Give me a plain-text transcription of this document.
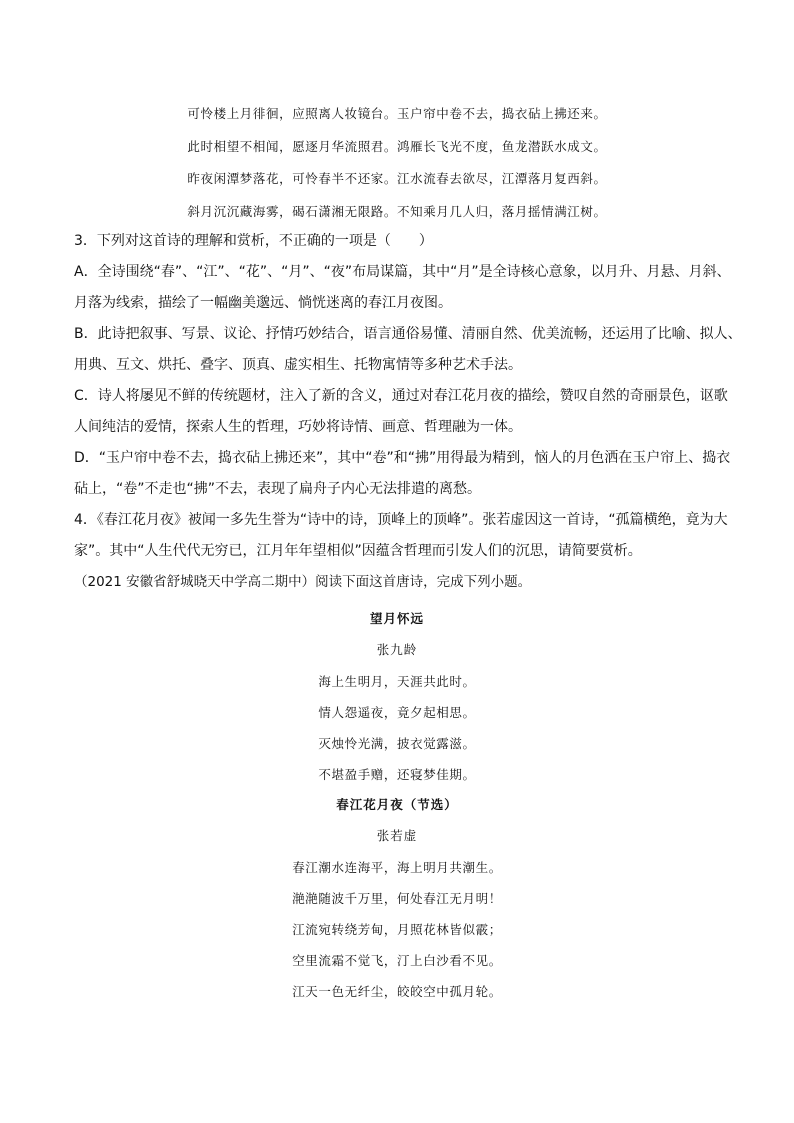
可怜楼上月徘徊，应照离人妆镜台。玉户帘中卷不去，捣衣砧上拂还来。
此时相望不相闻，愿逐月华流照君。鸿雁长飞光不度，鱼龙潜跃水成文。
昨夜闲潭梦落花，可怜春半不还家。江水流春去欲尽，江潭落月复西斜。
斜月沉沉藏海雾，碣石潇湘无限路。不知乘月几人归，落月摇情满江树。
3．下列对这首诗的理解和赏析，不正确的一项是（　　）
A．全诗围绕“春”、“江”、“花”、“月”、“夜”布局谋篇，其中“月”是全诗核心意象，以月升、月悬、月斜、
月落为线索，描绘了一幅幽美邈远、惝恍迷离的春江月夜图。
B．此诗把叙事、写景、议论、抒情巧妙结合，语言通俗易懂、清丽自然、优美流畅，还运用了比喻、拟人、
用典、互文、烘托、叠字、顶真、虚实相生、托物寓情等多种艺术手法。
C．诗人将屡见不鲜的传统题材，注入了新的含义，通过对春江花月夜的描绘，赞叹自然的奇丽景色，讴歌
人间纯洁的爱情，探索人生的哲理，巧妙将诗情、画意、哲理融为一体。
D．“玉户帘中卷不去，捣衣砧上拂还来”，其中“卷”和“拂”用得最为精到，恼人的月色洒在玉户帘上、捣衣
砧上，“卷”不走也“拂”不去，表现了扁舟子内心无法排遣的离愁。
4．《春江花月夜》被闻一多先生誉为“诗中的诗，顶峰上的顶峰”。张若虚因这一首诗，“孤篇横绝，竟为大
家”。其中“人生代代无穷已，江月年年望相似”因蕴含哲理而引发人们的沉思，请简要赏析。
（2021 安徽省舒城晓天中学高二期中）阅读下面这首唐诗，完成下列小题。
望月怀远
张九龄
海上生明月，天涯共此时。
情人怨遥夜，竟夕起相思。
灭烛怜光满，披衣觉露滋。
不堪盈手赠，还寝梦佳期。
春江花月夜（节选）
张若虚
春江潮水连海平，海上明月共潮生。
滟滟随波千万里，何处春江无月明！
江流宛转绕芳甸，月照花林皆似霰；
空里流霜不觉飞，汀上白沙看不见。
江天一色无纤尘，皎皎空中孤月轮。
